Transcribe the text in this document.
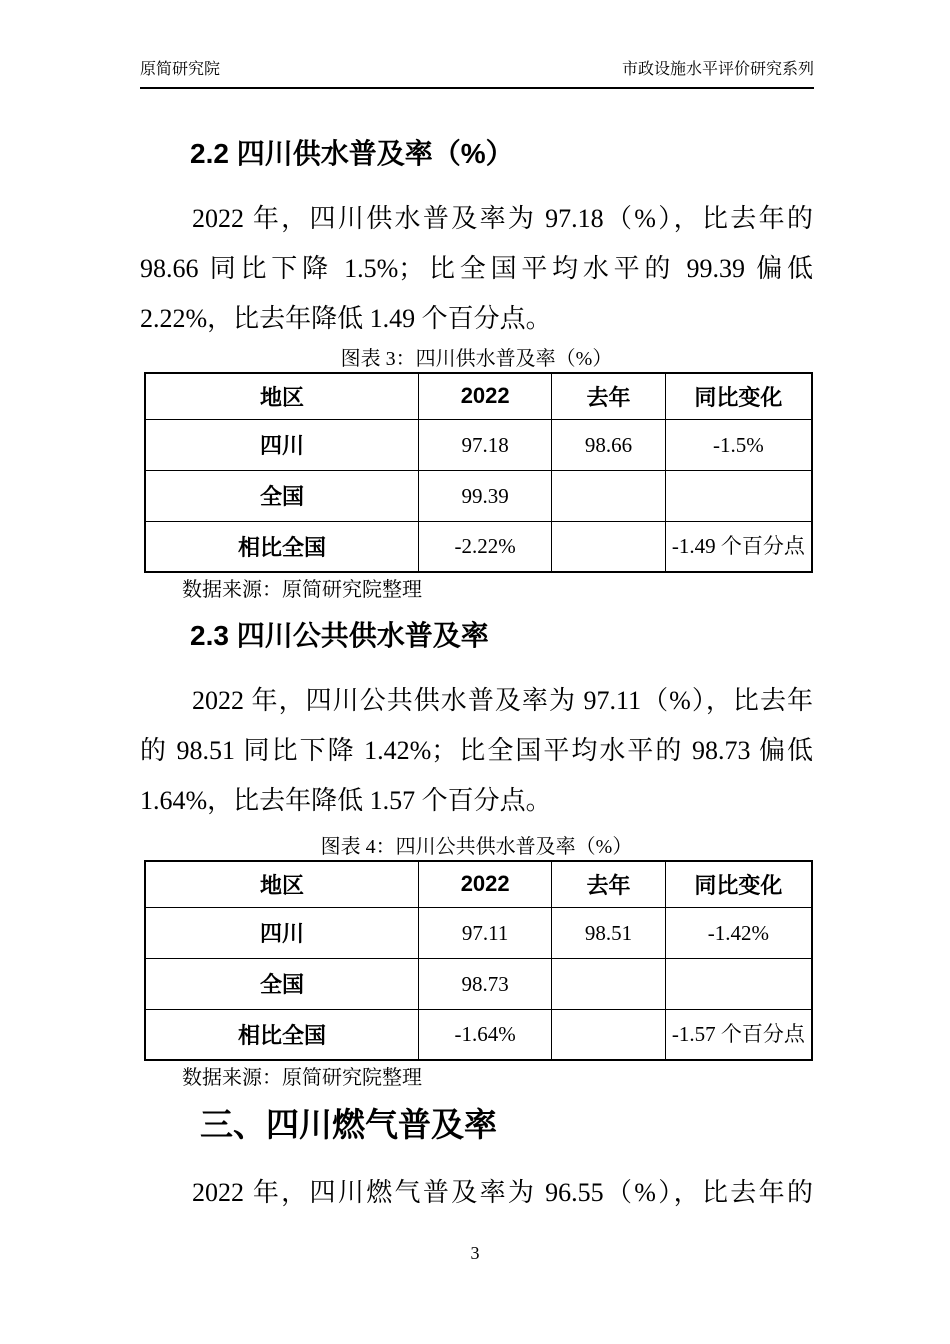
原简研究院	市政设施水平评价研究系列
2.2 四川供水普及率（%）
2022 年，四川供水普及率为 97.18（%），比去年的
98.66 同比下降 1.5%；比全国平均水平的 99.39 偏低
2.22%，比去年降低 1.49 个百分点。
图表 3：四川供水普及率（%）
地区	2022	去年	同比变化
四川	97.18	98.66	-1.5%
全国	99.39		
相比全国	-2.22%		-1.49 个百分点
数据来源：原简研究院整理
2.3 四川公共供水普及率
2022 年，四川公共供水普及率为 97.11（%），比去年
的 98.51 同比下降 1.42%；比全国平均水平的 98.73 偏低
1.64%，比去年降低 1.57 个百分点。
图表 4：四川公共供水普及率（%）
地区	2022	去年	同比变化
四川	97.11	98.51	-1.42%
全国	98.73		
相比全国	-1.64%		-1.57 个百分点
数据来源：原简研究院整理
三、四川燃气普及率
2022 年，四川燃气普及率为 96.55（%），比去年的
3
